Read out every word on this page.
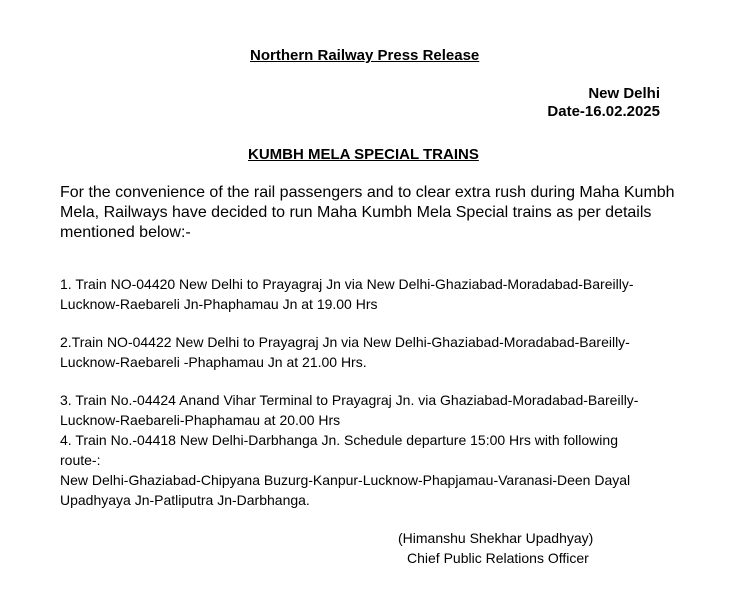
Northern Railway Press Release
New Delhi
Date-16.02.2025
KUMBH MELA SPECIAL TRAINS
For the convenience of the rail passengers and to clear extra rush during Maha Kumbh
Mela, Railways have decided to run Maha Kumbh Mela Special trains as per details
mentioned below:-
1. Train NO-04420 New Delhi to Prayagraj Jn via New Delhi-Ghaziabad-Moradabad-Bareilly-
Lucknow-Raebareli Jn-Phaphamau Jn at 19.00 Hrs
2.Train NO-04422 New Delhi to Prayagraj Jn via New Delhi-Ghaziabad-Moradabad-Bareilly-
Lucknow-Raebareli -Phaphamau Jn at 21.00 Hrs.
3. Train No.-04424 Anand Vihar Terminal to Prayagraj Jn. via Ghaziabad-Moradabad-Bareilly-
Lucknow-Raebareli-Phaphamau at 20.00 Hrs
4. Train No.-04418 New Delhi-Darbhanga Jn. Schedule departure 15:00 Hrs with following
route-:
New Delhi-Ghaziabad-Chipyana Buzurg-Kanpur-Lucknow-Phapjamau-Varanasi-Deen Dayal
Upadhyaya Jn-Patliputra Jn-Darbhanga.
(Himanshu Shekhar Upadhyay)
Chief Public Relations Officer
